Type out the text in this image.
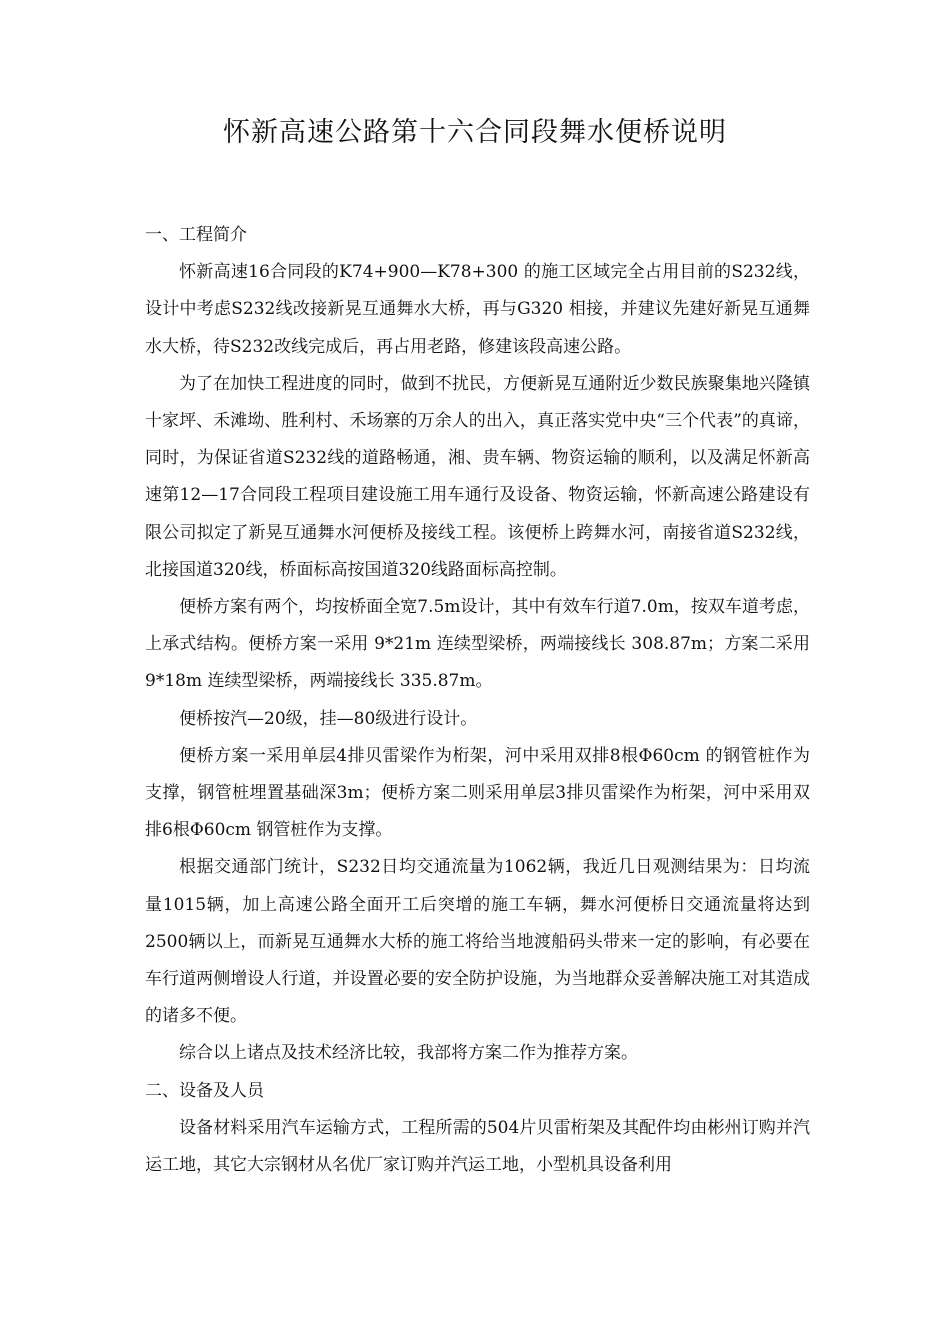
怀新高速公路第十六合同段舞水便桥说明

一、工程简介

怀新高速16合同段的K74+900—K78+300 的施工区域完全占用目前的S232线，设计中考虑S232线改接新晃互通舞水大桥，再与G320 相接，并建议先建好新晃互通舞水大桥，待S232改线完成后，再占用老路，修建该段高速公路。

为了在加快工程进度的同时，做到不扰民，方便新晃互通附近少数民族聚集地兴隆镇十家坪、禾滩坳、胜利村、禾场寨的万余人的出入，真正落实党中央“三个代表”的真谛，同时，为保证省道S232线的道路畅通，湘、贵车辆、物资运输的顺利，以及满足怀新高速第12—17合同段工程项目建设施工用车通行及设备、物资运输，怀新高速公路建设有限公司拟定了新晃互通舞水河便桥及接线工程。该便桥上跨舞水河，南接省道S232线，北接国道320线，桥面标高按国道320线路面标高控制。

便桥方案有两个，均按桥面全宽7.5m设计，其中有效车行道7.0m，按双车道考虑，上承式结构。便桥方案一采用 9*21m 连续型梁桥，两端接线长 308.87m；方案二采用 9*18m 连续型梁桥，两端接线长 335.87m。

便桥按汽—20级，挂—80级进行设计。

便桥方案一采用单层4排贝雷梁作为桁架，河中采用双排8根Φ60cm 的钢管桩作为支撑，钢管桩埋置基础深3m；便桥方案二则采用单层3排贝雷梁作为桁架，河中采用双排6根Φ60cm 钢管桩作为支撑。

根据交通部门统计，S232日均交通流量为1062辆，我近几日观测结果为：日均流量1015辆，加上高速公路全面开工后突增的施工车辆，舞水河便桥日交通流量将达到2500辆以上，而新晃互通舞水大桥的施工将给当地渡船码头带来一定的影响，有必要在车行道两侧增设人行道，并设置必要的安全防护设施，为当地群众妥善解决施工对其造成的诸多不便。

综合以上诸点及技术经济比较，我部将方案二作为推荐方案。

二、设备及人员

设备材料采用汽车运输方式，工程所需的504片贝雷桁架及其配件均由彬州订购并汽运工地，其它大宗钢材从名优厂家订购并汽运工地，小型机具设备利用
